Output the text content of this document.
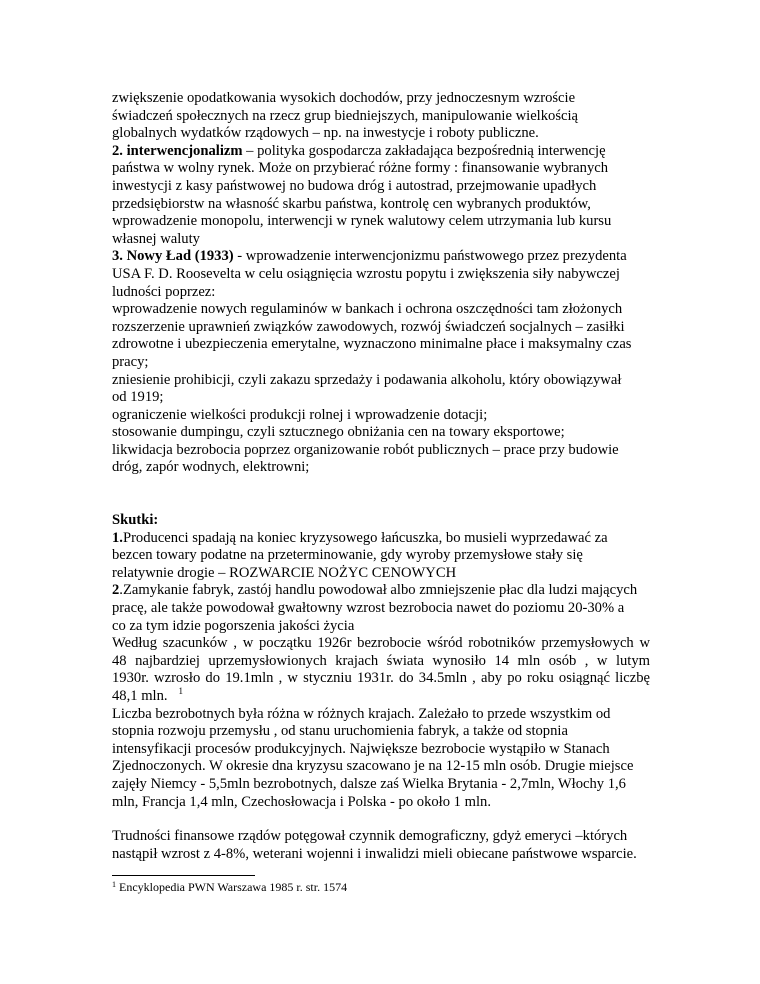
zwiększenie opodatkowania wysokich dochodów, przy jednoczesnym wzroście
świadczeń społecznych na rzecz grup biedniejszych, manipulowanie wielkością
globalnych wydatków rządowych – np. na inwestycje i roboty publiczne.
2. interwencjonalizm – polityka gospodarcza zakładająca bezpośrednią interwencję
państwa w wolny rynek. Może on przybierać różne formy : finansowanie wybranych
inwestycji z kasy państwowej no budowa dróg i autostrad, przejmowanie upadłych
przedsiębiorstw na własność skarbu państwa, kontrolę cen wybranych produktów,
wprowadzenie monopolu, interwencji w rynek walutowy celem utrzymania lub kursu
własnej waluty
3. Nowy Ład (1933) - wprowadzenie interwencjonizmu państwowego przez prezydenta
USA F. D. Roosevelta w celu osiągnięcia wzrostu popytu i zwiększenia siły nabywczej
ludności poprzez:
wprowadzenie nowych regulaminów w bankach i ochrona oszczędności tam złożonych
rozszerzenie uprawnień związków zawodowych, rozwój świadczeń socjalnych – zasiłki
zdrowotne i ubezpieczenia emerytalne, wyznaczono minimalne płace i maksymalny czas
pracy;
zniesienie prohibicji, czyli zakazu sprzedaży i podawania alkoholu, który obowiązywał
od 1919;
ograniczenie wielkości produkcji rolnej i wprowadzenie dotacji;
stosowanie dumpingu, czyli sztucznego obniżania cen na towary eksportowe;
likwidacja bezrobocia poprzez organizowanie robót publicznych – prace przy budowie
dróg, zapór wodnych, elektrowni;
Skutki:
1.Producenci spadają na koniec kryzysowego łańcuszka, bo musieli wyprzedawać za
bezcen towary podatne na przeterminowanie, gdy wyroby przemysłowe stały się
relatywnie drogie – ROZWARCIE NOŻYC CENOWYCH
2.Zamykanie fabryk, zastój handlu powodował albo zmniejszenie płac dla ludzi mających
pracę, ale także powodował gwałtowny wzrost bezrobocia nawet do poziomu 20-30% a
co za tym idzie pogorszenia jakości życia
Według szacunków , w początku 1926r bezrobocie wśród robotników przemysłowych w
48 najbardziej uprzemysłowionych krajach świata wynosiło 14 mln osób , w lutym
1930r. wzrosło do 19.1mln , w styczniu 1931r. do 34.5mln , aby po roku osiągnąć liczbę
48,1 mln. $^1$
Liczba bezrobotnych była różna w różnych krajach. Zależało to przede wszystkim od
stopnia rozwoju przemysłu , od stanu uruchomienia fabryk, a także od stopnia
intensyfikacji procesów produkcyjnych. Największe bezrobocie wystąpiło w Stanach
Zjednoczonych. W okresie dna kryzysu szacowano je na 12-15 mln osób. Drugie miejsce
zajęły Niemcy - 5,5mln bezrobotnych, dalsze zaś Wielka Brytania - 2,7mln, Włochy 1,6
mln, Francja 1,4 mln, Czechosłowacja i Polska - po około 1 mln.
Trudności finansowe rządów potęgował czynnik demograficzny, gdyż emeryci –których
nastąpił wzrost z 4-8%, weterani wojenni i inwalidzi mieli obiecane państwowe wsparcie.
$^1$ Encyklopedia PWN Warszawa 1985 r. str. 1574
